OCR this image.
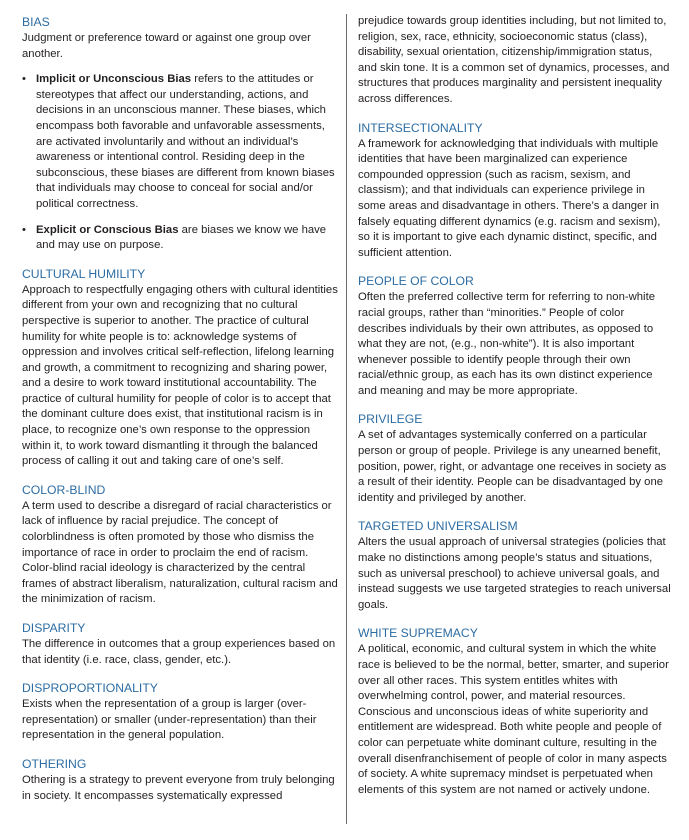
BIAS

Judgment or preference toward or against one group over another.

• Implicit or Unconscious Bias refers to the attitudes or stereotypes that affect our understanding, actions, and decisions in an unconscious manner. These biases, which encompass both favorable and unfavorable assessments, are activated involuntarily and without an individual’s awareness or intentional control. Residing deep in the subconscious, these biases are different from known biases that individuals may choose to conceal for social and/or political correctness.
• Explicit or Conscious Bias are biases we know we have and may use on purpose.
CULTURAL HUMILITY

Approach to respectfully engaging others with cultural identities different from your own and recognizing that no cultural perspective is superior to another. The practice of cultural humility for white people is to: acknowledge systems of oppression and involves critical self-reflection, lifelong learning and growth, a commitment to recognizing and sharing power, and a desire to work toward institutional accountability. The practice of cultural humility for people of color is to accept that the dominant culture does exist, that institutional racism is in place, to recognize one’s own response to the oppression within it, to work toward dismantling it through the balanced process of calling it out and taking care of one’s self.

COLOR-BLIND

A term used to describe a disregard of racial characteristics or lack of influence by racial prejudice. The concept of colorblindness is often promoted by those who dismiss the importance of race in order to proclaim the end of racism. Color-blind racial ideology is characterized by the central frames of abstract liberalism, naturalization, cultural racism and the minimization of racism.

DISPARITY

The difference in outcomes that a group experiences based on that identity (i.e. race, class, gender, etc.).

DISPROPORTIONALITY

Exists when the representation of a group is larger (over-representation) or smaller (under-representation) than their representation in the general population.

OTHERING

Othering is a strategy to prevent everyone from truly belonging in society. It encompasses systematically expressed

prejudice towards group identities including, but not limited to, religion, sex, race, ethnicity, socioeconomic status (class), disability, sexual orientation, citizenship/immigration status, and skin tone. It is a common set of dynamics, processes, and structures that produces marginality and persistent inequality across differences.

INTERSECTIONALITY

A framework for acknowledging that individuals with multiple identities that have been marginalized can experience compounded oppression (such as racism, sexism, and classism); and that individuals can experience privilege in some areas and disadvantage in others. There’s a danger in falsely equating different dynamics (e.g. racism and sexism), so it is important to give each dynamic distinct, specific, and sufficient attention.

PEOPLE OF COLOR

Often the preferred collective term for referring to non-white racial groups, rather than “minorities.” People of color describes individuals by their own attributes, as opposed to what they are not, (e.g., non-white”). It is also important whenever possible to identify people through their own racial/ethnic group, as each has its own distinct experience and meaning and may be more appropriate.

PRIVILEGE

A set of advantages systemically conferred on a particular person or group of people. Privilege is any unearned benefit, position, power, right, or advantage one receives in society as a result of their identity. People can be disadvantaged by one identity and privileged by another.

TARGETED UNIVERSALISM

Alters the usual approach of universal strategies (policies that make no distinctions among people’s status and situations, such as universal preschool) to achieve universal goals, and instead suggests we use targeted strategies to reach universal goals.

WHITE SUPREMACY

A political, economic, and cultural system in which the white race is believed to be the normal, better, smarter, and superior over all other races. This system entitles whites with overwhelming control, power, and material resources. Conscious and unconscious ideas of white superiority and entitlement are widespread. Both white people and people of color can perpetuate white dominant culture, resulting in the overall disenfranchisement of people of color in many aspects of society. A white supremacy mindset is perpetuated when elements of this system are not named or actively undone.
